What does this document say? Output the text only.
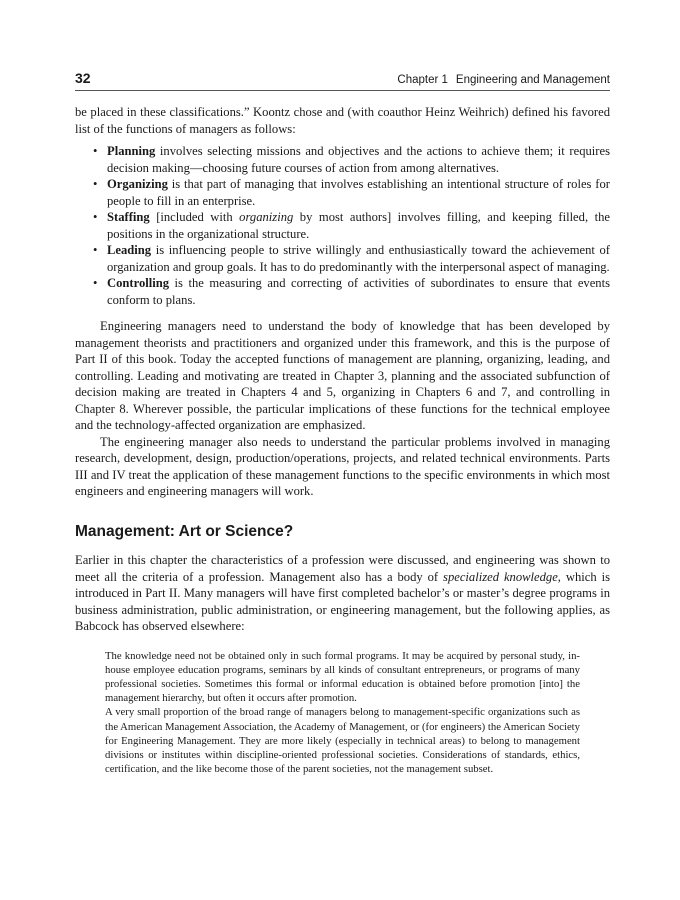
32	Chapter 1 Engineering and Management

be placed in these classifications.” Koontz chose and (with coauthor Heinz Weihrich) defined his favored list of the functions of managers as follows:

• Planning involves selecting missions and objectives and the actions to achieve them; it requires decision making—choosing future courses of action from among alternatives.
• Organizing is that part of managing that involves establishing an intentional structure of roles for people to fill in an enterprise.
• Staffing [included with organizing by most authors] involves filling, and keeping filled, the positions in the organizational structure.
• Leading is influencing people to strive willingly and enthusiastically toward the achievement of organization and group goals. It has to do predominantly with the interpersonal aspect of managing.
• Controlling is the measuring and correcting of activities of subordinates to ensure that events conform to plans.

Engineering managers need to understand the body of knowledge that has been developed by management theorists and practitioners and organized under this framework, and this is the purpose of Part II of this book. Today the accepted functions of management are planning, organizing, leading, and controlling. Leading and motivating are treated in Chapter 3, planning and the associated subfunction of decision making are treated in Chapters 4 and 5, organizing in Chapters 6 and 7, and controlling in Chapter 8. Wherever possible, the particular implications of these functions for the technical employee and the technology-affected organization are emphasized.

The engineering manager also needs to understand the particular problems involved in managing research, development, design, production/operations, projects, and related technical environments. Parts III and IV treat the application of these management functions to the specific environments in which most engineers and engineering managers will work.

Management: Art or Science?

Earlier in this chapter the characteristics of a profession were discussed, and engineering was shown to meet all the criteria of a profession. Management also has a body of specialized knowledge, which is introduced in Part II. Many managers will have first completed bachelor’s or master’s degree programs in business administration, public administration, or engineering management, but the following applies, as Babcock has observed elsewhere:

The knowledge need not be obtained only in such formal programs. It may be acquired by personal study, in-house employee education programs, seminars by all kinds of consultant entrepreneurs, or programs of many professional societies. Sometimes this formal or informal education is obtained before promotion [into] the management hierarchy, but often it occurs after promotion.

A very small proportion of the broad range of managers belong to management-specific organizations such as the American Management Association, the Academy of Management, or (for engineers) the American Society for Engineering Management. They are more likely (especially in technical areas) to belong to management divisions or institutes within discipline-oriented professional societies. Considerations of standards, ethics, certification, and the like become those of the parent societies, not the management subset.
